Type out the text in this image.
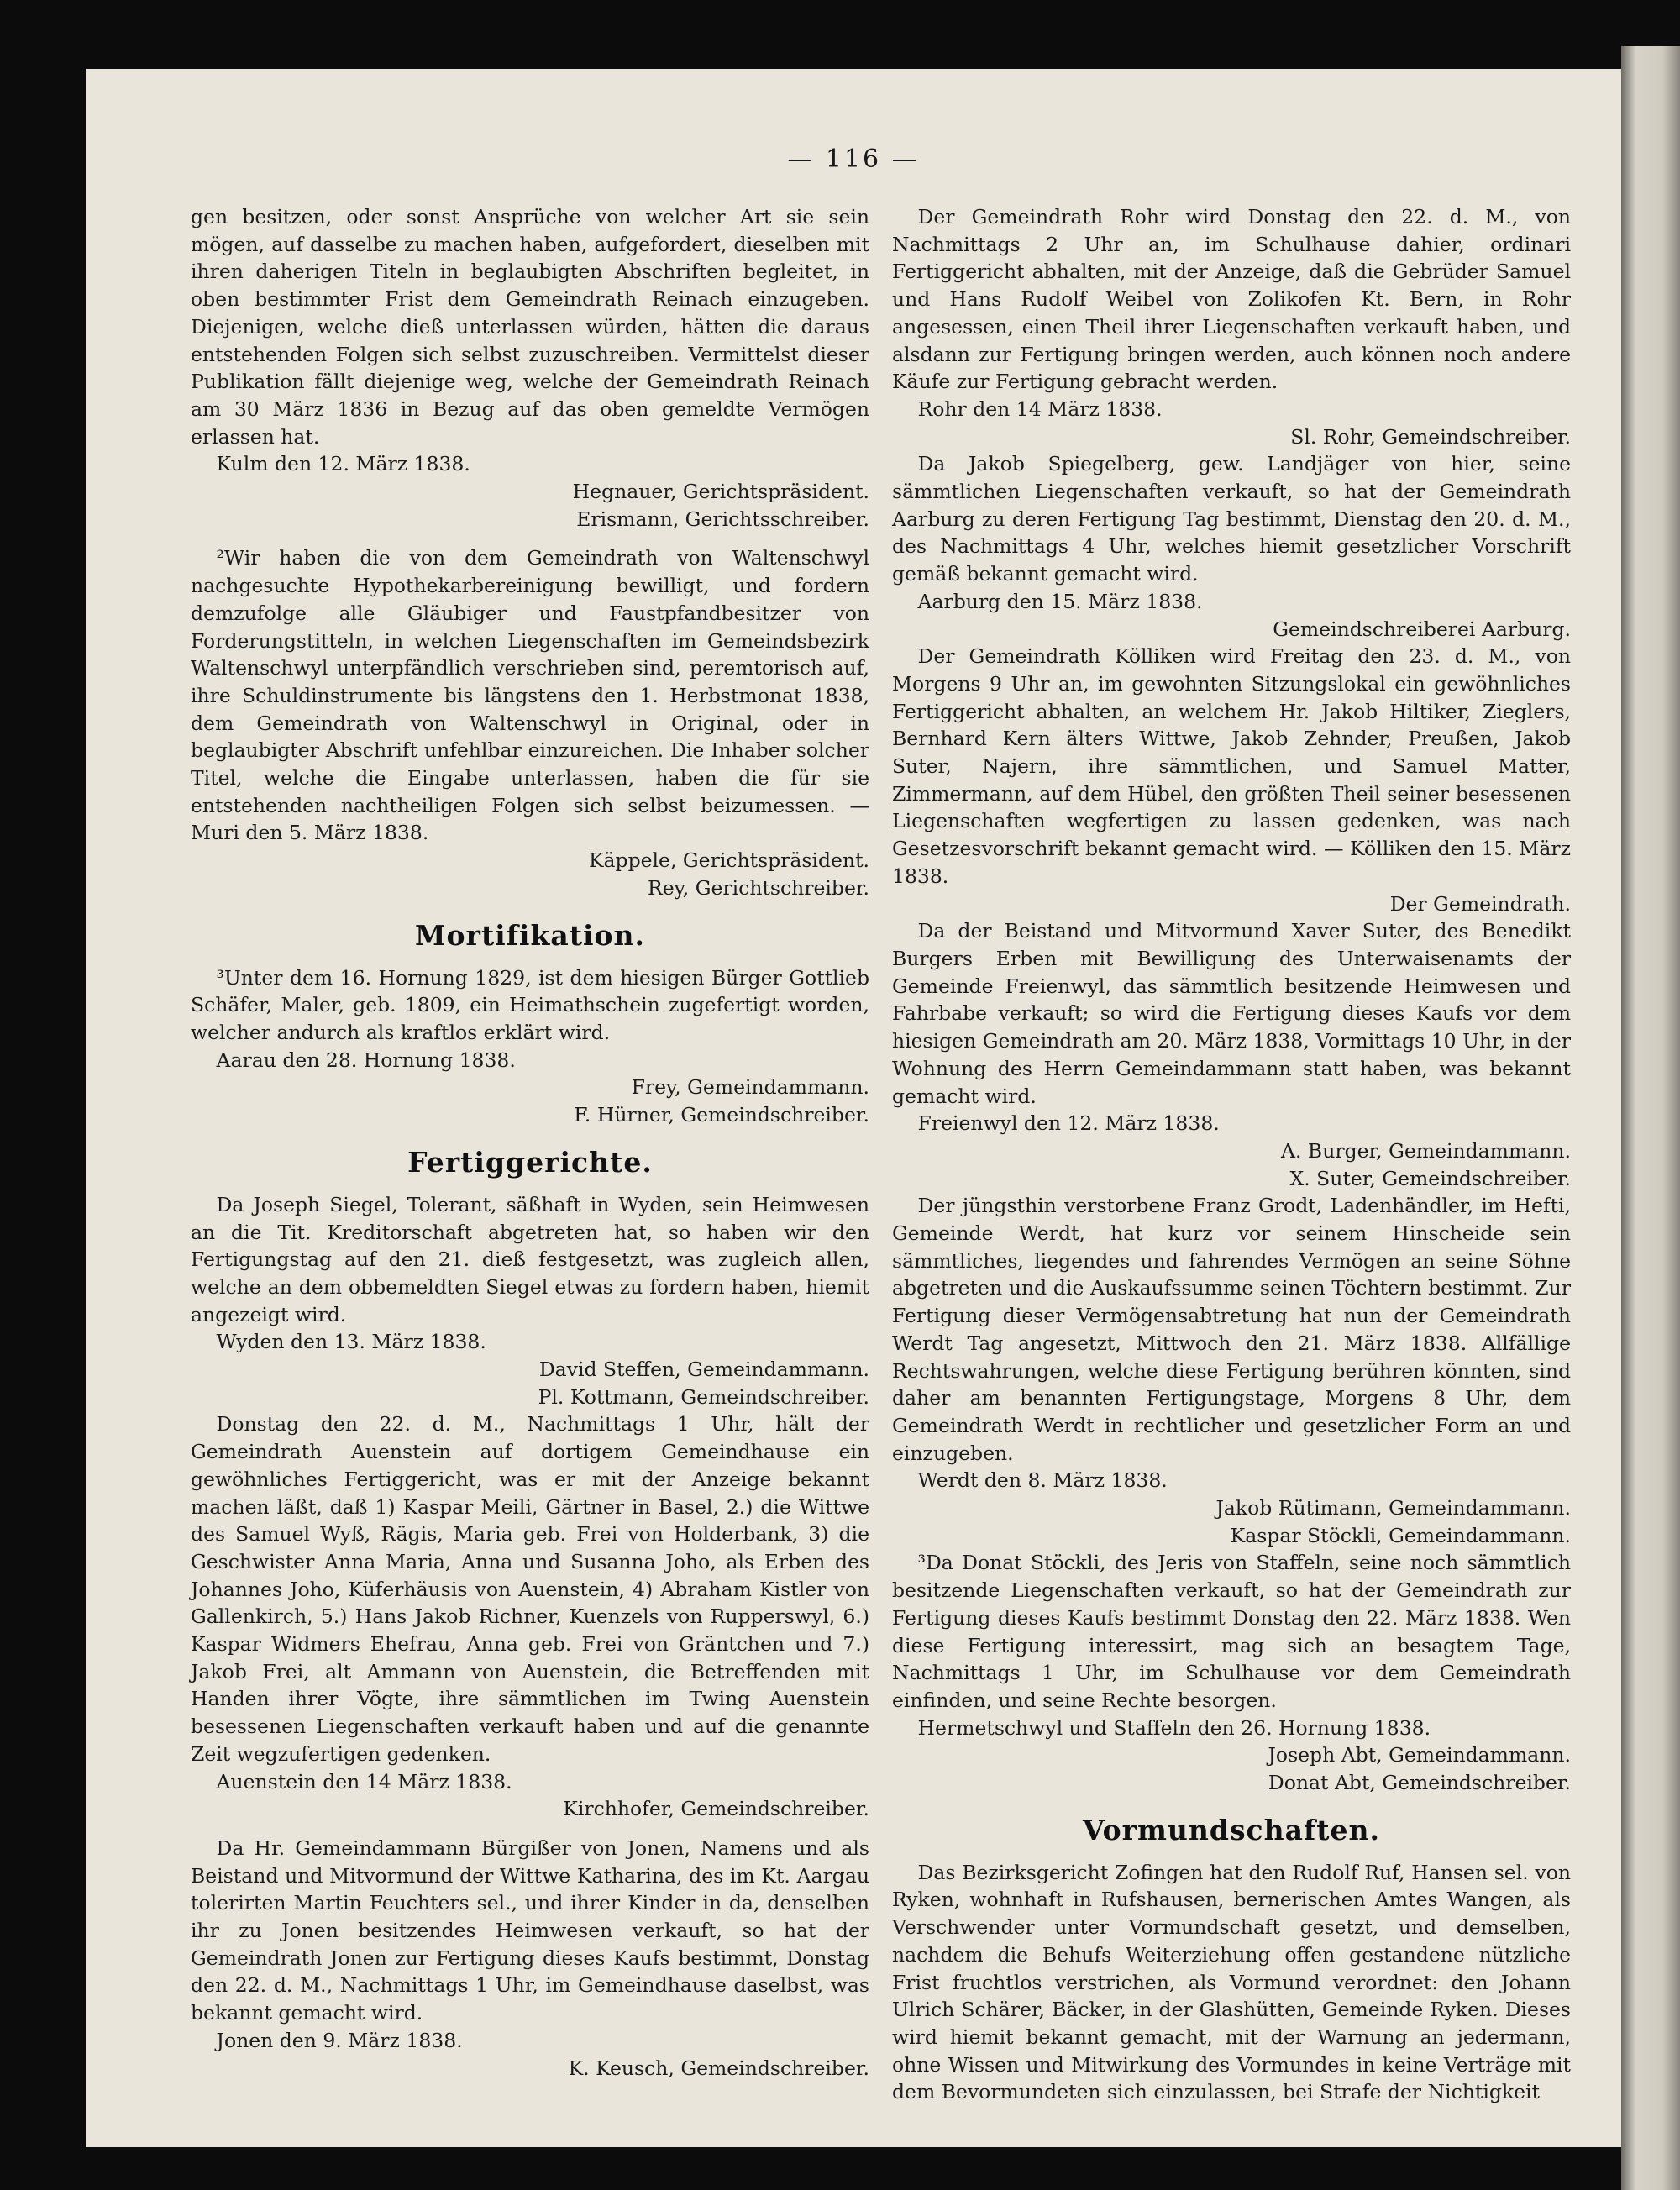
— 116 —

gen besitzen, oder sonst Ansprüche von welcher Art sie sein mögen, auf dasselbe zu machen haben, aufgefordert, dieselben mit ihren daherigen Titeln in beglaubigten Abschriften begleitet, in oben bestimmter Frist dem Gemeindrath Reinach einzugeben. Diejenigen, welche dieß unterlassen würden, hätten die daraus entstehenden Folgen sich selbst zuzuschreiben. Vermittelst dieser Publikation fällt diejenige weg, welche der Gemeindrath Reinach am 30 März 1836 in Bezug auf das oben gemeldte Vermögen erlassen hat.

Kulm den 12. März 1838.
Hegnauer, Gerichtspräsident.
Erismann, Gerichtsschreiber.

²Wir haben die von dem Gemeindrath von Waltenschwyl nachgesuchte Hypothekarbereinigung bewilligt, und fordern demzufolge alle Gläubiger und Faustpfandbesitzer von Forderungstitteln, in welchen Liegenschaften im Gemeindsbezirk Waltenschwyl unterpfändlich verschrieben sind, peremtorisch auf, ihre Schuldinstrumente bis längstens den 1. Herbstmonat 1838, dem Gemeindrath von Waltenschwyl in Original, oder in beglaubigter Abschrift unfehlbar einzureichen. Die Inhaber solcher Titel, welche die Eingabe unterlassen, haben die für sie entstehenden nachtheiligen Folgen sich selbst beizumessen. — Muri den 5. März 1838.

Käppele, Gerichtspräsident.
Rey, Gerichtschreiber.
Mortifikation.

³Unter dem 16. Hornung 1829, ist dem hiesigen Bürger Gottlieb Schäfer, Maler, geb. 1809, ein Heimathschein zugefertigt worden, welcher andurch als kraftlos erklärt wird.

Aarau den 28. Hornung 1838.
Frey, Gemeindammann.
F. Hürner, Gemeindschreiber.
Fertiggerichte.

Da Joseph Siegel, Tolerant, säßhaft in Wyden, sein Heimwesen an die Tit. Kreditorschaft abgetreten hat, so haben wir den Fertigungstag auf den 21. dieß festgesetzt, was zugleich allen, welche an dem obbemeldten Siegel etwas zu fordern haben, hiemit angezeigt wird.

Wyden den 13. März 1838.
David Steffen, Gemeindammann.
Pl. Kottmann, Gemeindschreiber.

Donstag den 22. d. M., Nachmittags 1 Uhr, hält der Gemeindrath Auenstein auf dortigem Gemeindhause ein gewöhnliches Fertiggericht, was er mit der Anzeige bekannt machen läßt, daß 1) Kaspar Meili, Gärtner in Basel, 2.) die Wittwe des Samuel Wyß, Rägis, Maria geb. Frei von Holderbank, 3) die Geschwister Anna Maria, Anna und Susanna Joho, als Erben des Johannes Joho, Küferhäusis von Auenstein, 4) Abraham Kistler von Gallenkirch, 5.) Hans Jakob Richner, Kuenzels von Rupperswyl, 6.) Kaspar Widmers Ehefrau, Anna geb. Frei von Gräntchen und 7.) Jakob Frei, alt Ammann von Auenstein, die Betreffenden mit Handen ihrer Vögte, ihre sämmtlichen im Twing Auenstein besessenen Liegenschaften verkauft haben und auf die genannte Zeit wegzufertigen gedenken.

Auenstein den 14 März 1838.
Kirchhofer, Gemeindschreiber.

Da Hr. Gemeindammann Bürgißer von Jonen, Namens und als Beistand und Mitvormund der Wittwe Katharina, des im Kt. Aargau tolerirten Martin Feuchters sel., und ihrer Kinder in da, denselben ihr zu Jonen besitzendes Heimwesen verkauft, so hat der Gemeindrath Jonen zur Fertigung dieses Kaufs bestimmt, Donstag den 22. d. M., Nachmittags 1 Uhr, im Gemeindhause daselbst, was bekannt gemacht wird.

Jonen den 9. März 1838.
K. Keusch, Gemeindschreiber.

Der Gemeindrath Rohr wird Donstag den 22. d. M., von Nachmittags 2 Uhr an, im Schulhause dahier, ordinari Fertiggericht abhalten, mit der Anzeige, daß die Gebrüder Samuel und Hans Rudolf Weibel von Zolikofen Kt. Bern, in Rohr angesessen, einen Theil ihrer Liegenschaften verkauft haben, und alsdann zur Fertigung bringen werden, auch können noch andere Käufe zur Fertigung gebracht werden.

Rohr den 14 März 1838.
Sl. Rohr, Gemeindschreiber.

Da Jakob Spiegelberg, gew. Landjäger von hier, seine sämmtlichen Liegenschaften verkauft, so hat der Gemeindrath Aarburg zu deren Fertigung Tag bestimmt, Dienstag den 20. d. M., des Nachmittags 4 Uhr, welches hiemit gesetzlicher Vorschrift gemäß bekannt gemacht wird.

Aarburg den 15. März 1838.
Gemeindschreiberei Aarburg.

Der Gemeindrath Kölliken wird Freitag den 23. d. M., von Morgens 9 Uhr an, im gewohnten Sitzungslokal ein gewöhnliches Fertiggericht abhalten, an welchem Hr. Jakob Hiltiker, Zieglers, Bernhard Kern älters Wittwe, Jakob Zehnder, Preußen, Jakob Suter, Najern, ihre sämmtlichen, und Samuel Matter, Zimmermann, auf dem Hübel, den größten Theil seiner besessenen Liegenschaften wegfertigen zu lassen gedenken, was nach Gesetzesvorschrift bekannt gemacht wird. — Kölliken den 15. März 1838.

Der Gemeindrath.

Da der Beistand und Mitvormund Xaver Suter, des Benedikt Burgers Erben mit Bewilligung des Unterwaisenamts der Gemeinde Freienwyl, das sämmtlich besitzende Heimwesen und Fahrbabe verkauft; so wird die Fertigung dieses Kaufs vor dem hiesigen Gemeindrath am 20. März 1838, Vormittags 10 Uhr, in der Wohnung des Herrn Gemeindammann statt haben, was bekannt gemacht wird.

Freienwyl den 12. März 1838.
A. Burger, Gemeindammann.
X. Suter, Gemeindschreiber.

Der jüngsthin verstorbene Franz Grodt, Ladenhändler, im Hefti, Gemeinde Werdt, hat kurz vor seinem Hinscheide sein sämmtliches, liegendes und fahrendes Vermögen an seine Söhne abgetreten und die Auskaufssumme seinen Töchtern bestimmt. Zur Fertigung dieser Vermögensabtretung hat nun der Gemeindrath Werdt Tag angesetzt, Mittwoch den 21. März 1838. Allfällige Rechtswahrungen, welche diese Fertigung berühren könnten, sind daher am benannten Fertigungstage, Morgens 8 Uhr, dem Gemeindrath Werdt in rechtlicher und gesetzlicher Form an und einzugeben.

Werdt den 8. März 1838.
Jakob Rütimann, Gemeindammann.
Kaspar Stöckli, Gemeindammann.

³Da Donat Stöckli, des Jeris von Staffeln, seine noch sämmtlich besitzende Liegenschaften verkauft, so hat der Gemeindrath zur Fertigung dieses Kaufs bestimmt Donstag den 22. März 1838. Wen diese Fertigung interessirt, mag sich an besagtem Tage, Nachmittags 1 Uhr, im Schulhause vor dem Gemeindrath einfinden, und seine Rechte besorgen.

Hermetschwyl und Staffeln den 26. Hornung 1838.
Joseph Abt, Gemeindammann.
Donat Abt, Gemeindschreiber.
Vormundschaften.

Das Bezirksgericht Zofingen hat den Rudolf Ruf, Hansen sel. von Ryken, wohnhaft in Rufshausen, bernerischen Amtes Wangen, als Verschwender unter Vormundschaft gesetzt, und demselben, nachdem die Behufs Weiterziehung offen gestandene nützliche Frist fruchtlos verstrichen, als Vormund verordnet: den Johann Ulrich Schärer, Bäcker, in der Glashütten, Gemeinde Ryken. Dieses wird hiemit bekannt gemacht, mit der Warnung an jedermann, ohne Wissen und Mitwirkung des Vormundes in keine Verträge mit dem Bevormundeten sich einzulassen, bei Strafe der Nichtigkeit
